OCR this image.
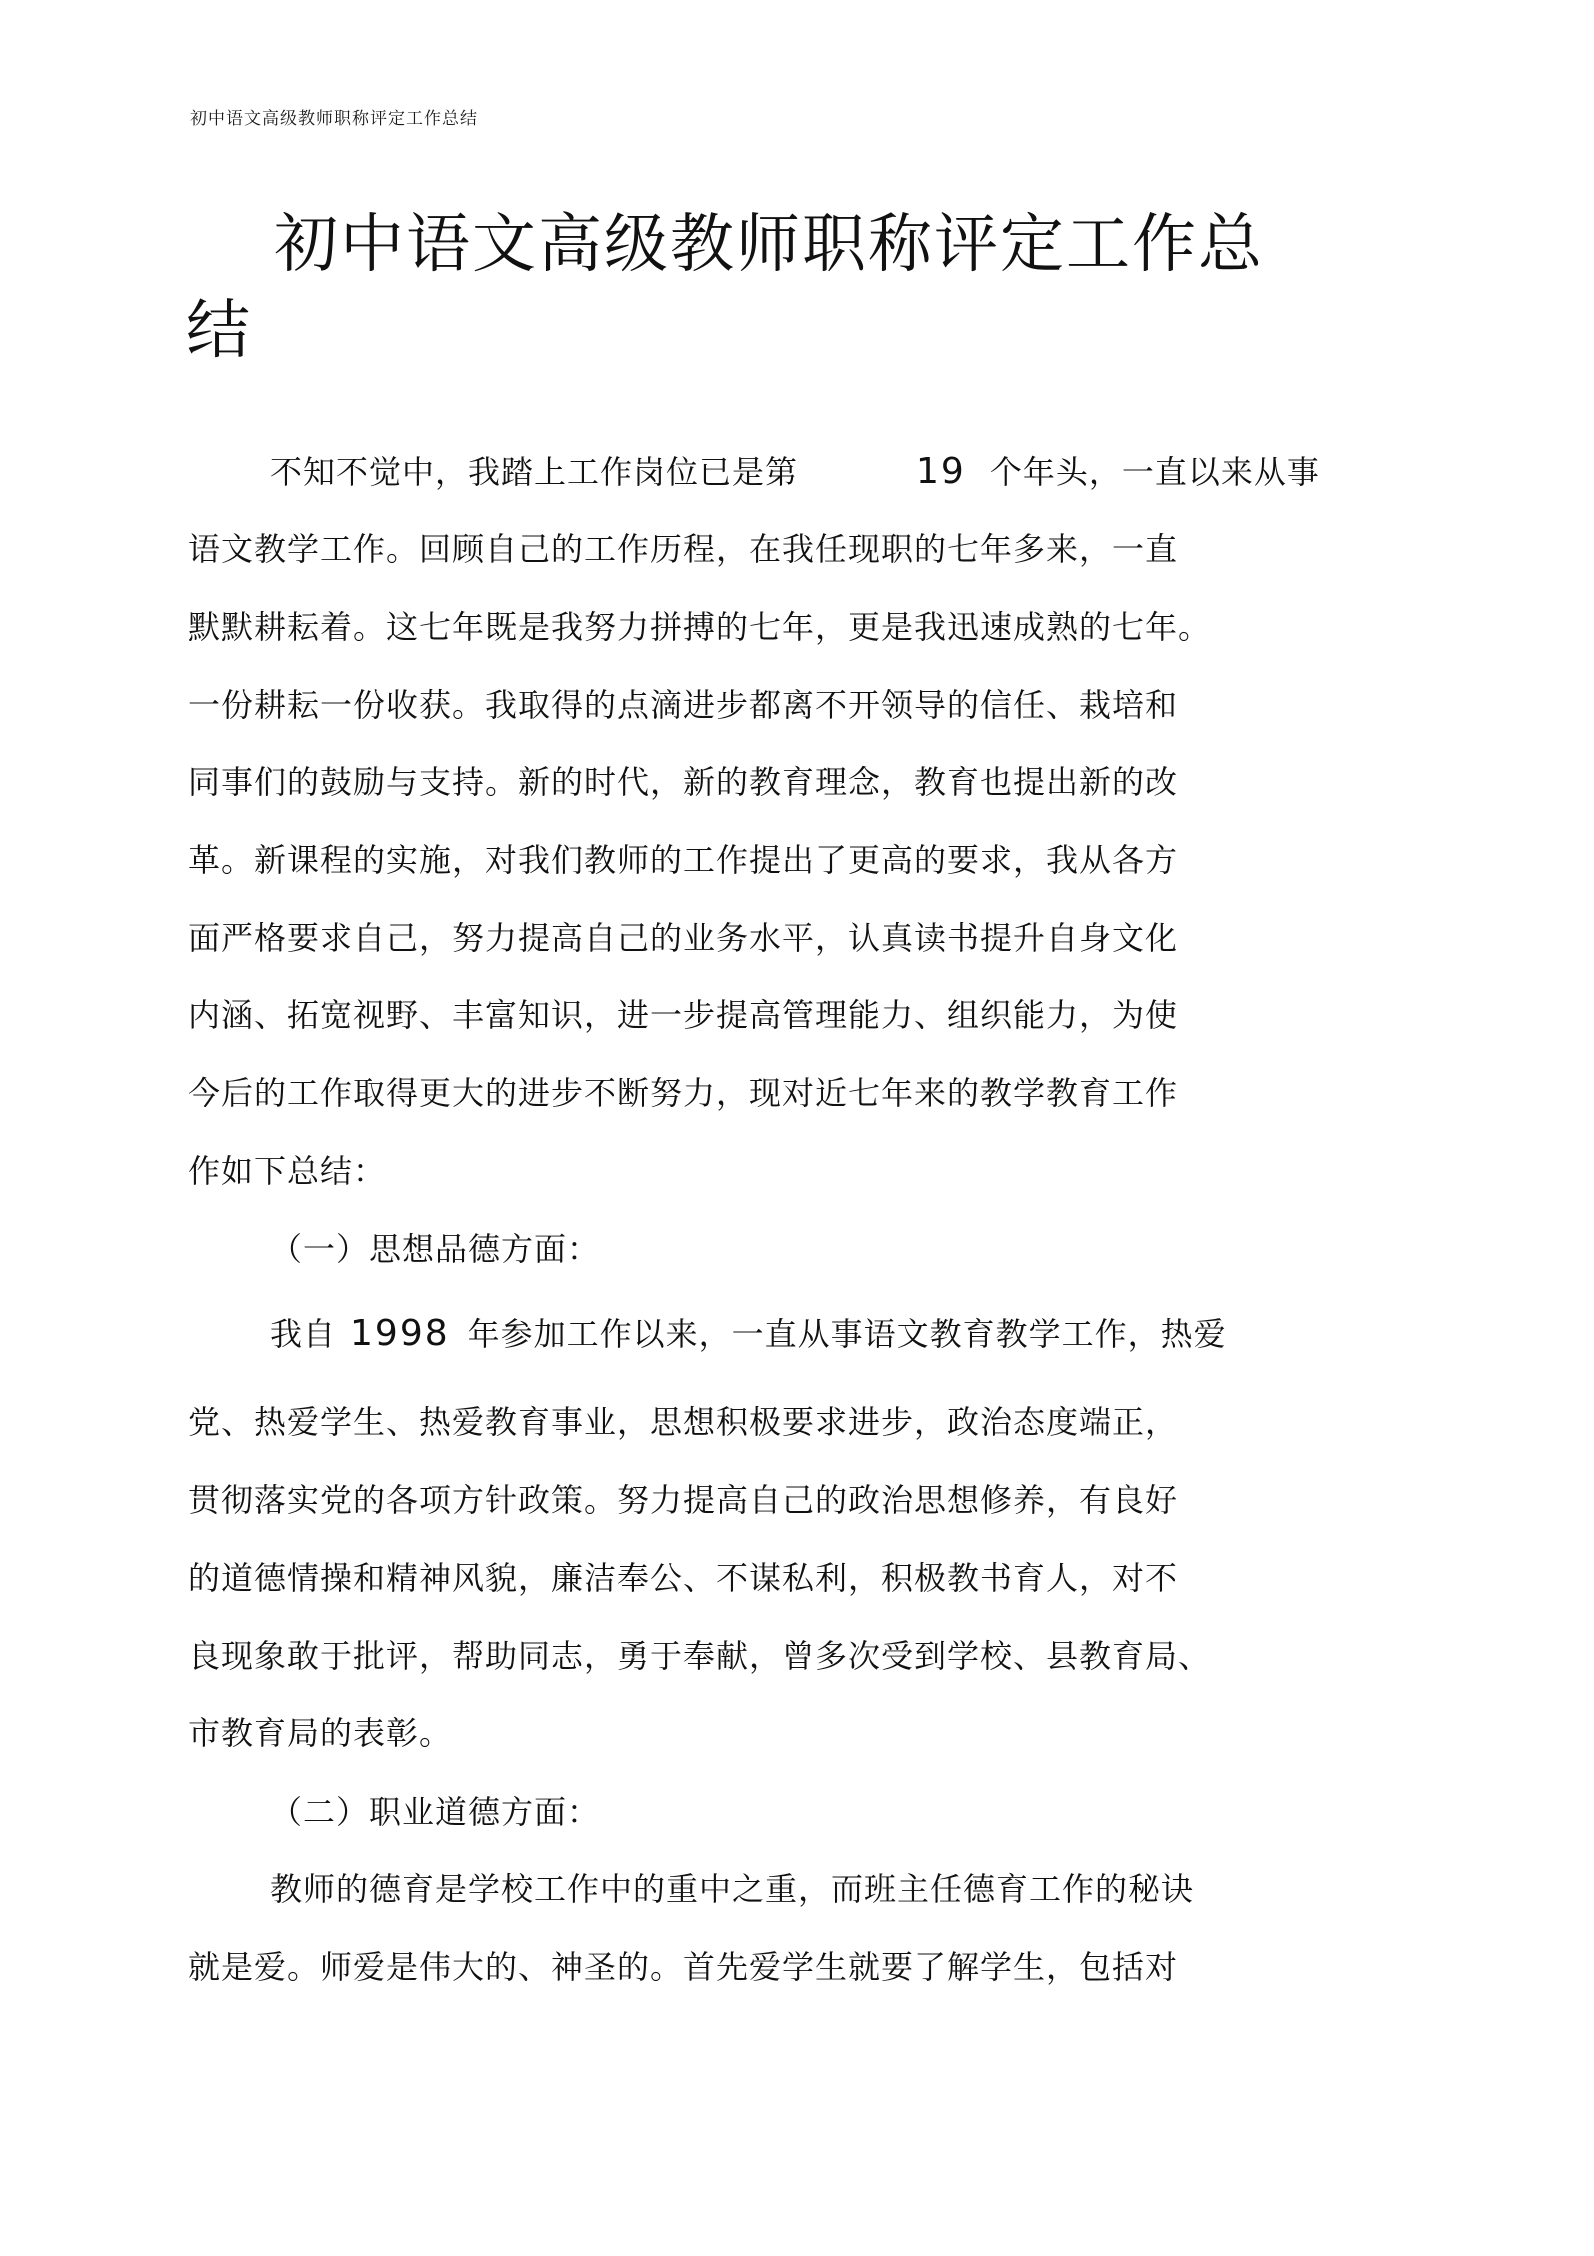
初中语文高级教师职称评定工作总结
初中语文高级教师职称评定工作总
结
不知不觉中，我踏上工作岗位已是第	19 个年头，一直以来从事
语文教学工作。回顾自己的工作历程，在我任现职的七年多来，一直
默默耕耘着。这七年既是我努力拼搏的七年，更是我迅速成熟的七年。
一份耕耘一份收获。我取得的点滴进步都离不开领导的信任、栽培和
同事们的鼓励与支持。新的时代，新的教育理念，教育也提出新的改
革。新课程的实施，对我们教师的工作提出了更高的要求，我从各方
面严格要求自己，努力提高自己的业务水平，认真读书提升自身文化
内涵、拓宽视野、丰富知识，进一步提高管理能力、组织能力，为使
今后的工作取得更大的进步不断努力，现对近七年来的教学教育工作
作如下总结：
（一）思想品德方面：
我自 1998 年参加工作以来，一直从事语文教育教学工作，热爱
党、热爱学生、热爱教育事业，思想积极要求进步，政治态度端正，
贯彻落实党的各项方针政策。努力提高自己的政治思想修养，有良好
的道德情操和精神风貌，廉洁奉公、不谋私利，积极教书育人，对不
良现象敢于批评，帮助同志，勇于奉献，曾多次受到学校、县教育局、
市教育局的表彰。
（二）职业道德方面：
教师的德育是学校工作中的重中之重，而班主任德育工作的秘诀
就是爱。师爱是伟大的、神圣的。首先爱学生就要了解学生，包括对
